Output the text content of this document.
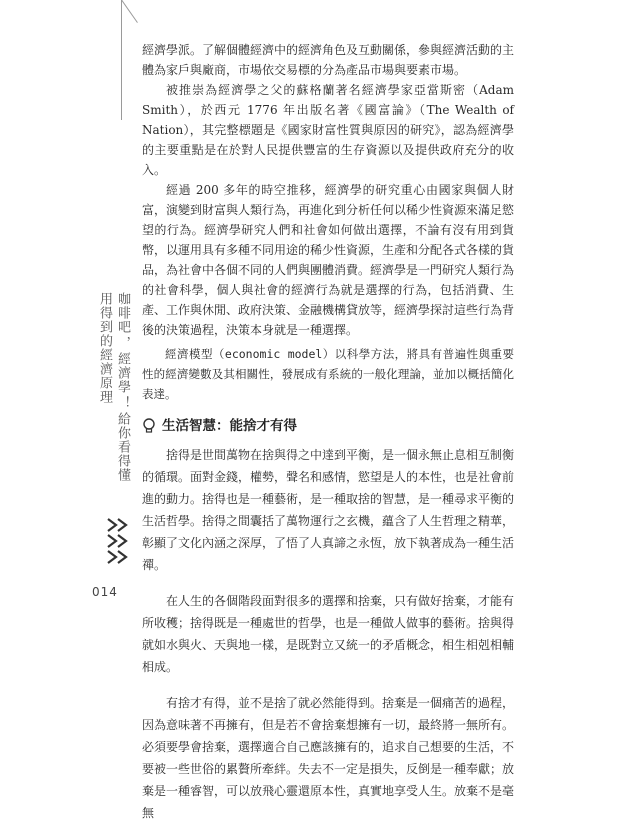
經濟學派。了解個體經濟中的經濟角色及互動關係，參與經濟活動的主體為家戶與廠商，市場依交易標的分為產品市場與要素市場。

被推崇為經濟學之父的蘇格蘭著名經濟學家亞當斯密（Adam Smith），於西元 1776 年出版名著《國富論》（The Wealth of Nation），其完整標題是《國家財富性質與原因的研究》，認為經濟學的主要重點是在於對人民提供豐富的生存資源以及提供政府充分的收入。

經過 200 多年的時空推移，經濟學的研究重心由國家與個人財富，演變到財富與人類行為，再進化到分析任何以稀少性資源來滿足慾望的行為。經濟學研究人們和社會如何做出選擇，不論有沒有用到貨幣，以運用具有多種不同用途的稀少性資源，生產和分配各式各樣的貨品，為社會中各個不同的人們與團體消費。經濟學是一門研究人類行為的社會科學，個人與社會的經濟行為就是選擇的行為，包括消費、生產、工作與休閒、政府決策、金融機構貸放等，經濟學探討這些行為背後的決策過程，決策本身就是一種選擇。

經濟模型（economic model）以科學方法，將具有普遍性與重要性的經濟變數及其相關性，發展成有系統的一般化理論，並加以概括簡化表達。

生活智慧：能捨才有得

捨得是世間萬物在捨與得之中達到平衡，是一個永無止息相互制衡的循環。面對金錢，權勢，聲名和感情，慾望是人的本性，也是社會前進的動力。捨得也是一種藝術，是一種取捨的智慧，是一種尋求平衡的生活哲學。捨得之間囊括了萬物運行之玄機，蘊含了人生哲理之精華，彰顯了文化內涵之深厚，了悟了人真諦之永恆，放下執著成為一種生活禪。

在人生的各個階段面對很多的選擇和捨棄，只有做好捨棄，才能有所收穫；捨得既是一種處世的哲學，也是一種做人做事的藝術。捨與得就如水與火、天與地一樣，是既對立又統一的矛盾概念，相生相剋相輔相成。

有捨才有得，並不是捨了就必然能得到。捨棄是一個痛苦的過程，因為意味著不再擁有，但是若不會捨棄想擁有一切，最終將一無所有。必須要學會捨棄，選擇適合自己應該擁有的，追求自己想要的生活，不要被一些世俗的累贅所牽絆。失去不一定是損失，反倒是一種奉獻；放棄是一種睿智，可以放飛心靈還原本性，真實地享受人生。放棄不是毫無

咖啡吧，經濟學！給你看得懂用得到的經濟原理
014
